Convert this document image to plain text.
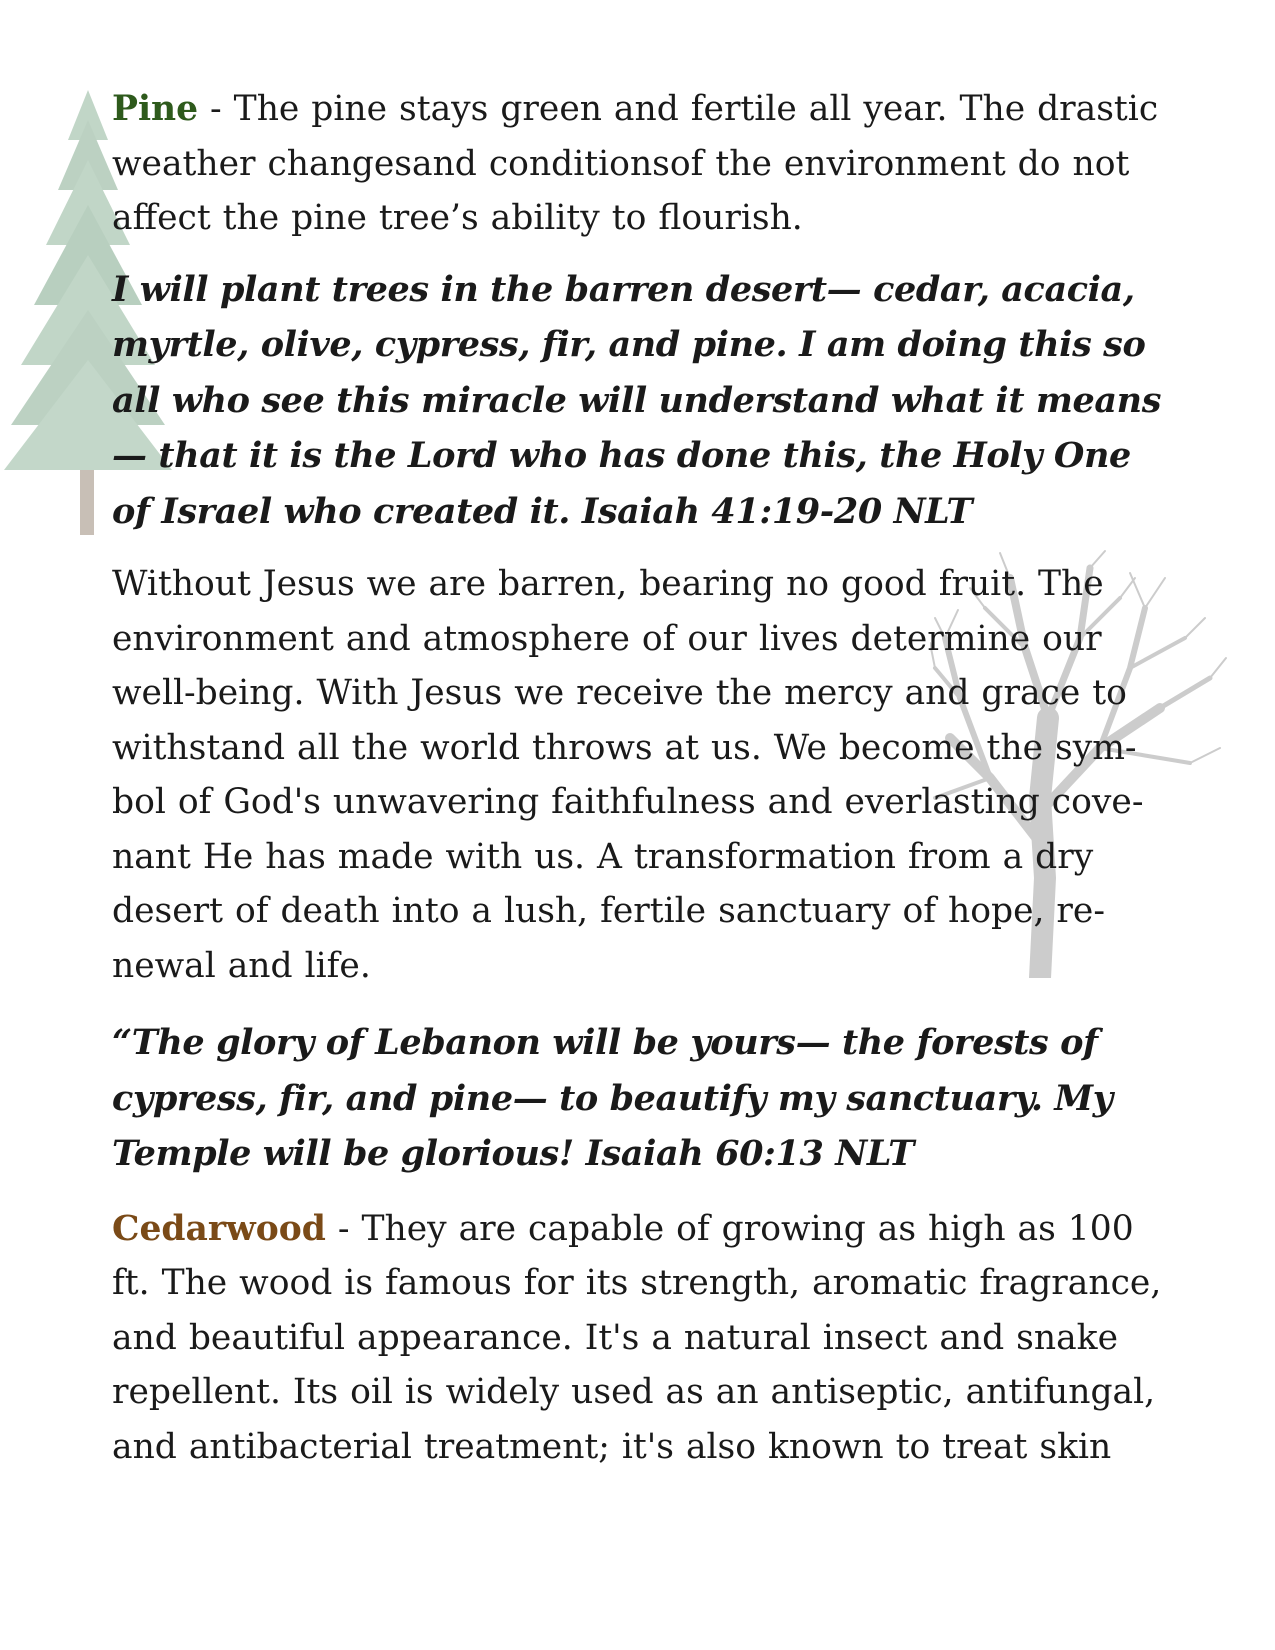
Pine - The pine stays green and fertile all year. The drastic weather changesand conditionsof the environment do not affect the pine tree’s ability to flourish.

I will plant trees in the barren desert— cedar, acacia, myrtle, olive, cypress, fir, and pine. I am doing this so all who see this miracle will understand what it means— that it is the Lord who has done this, the Holy One of Israel who created it. Isaiah 41:19-20 NLT

Without Jesus we are barren, bearing no good fruit. The environment and atmosphere of our lives determine our well-being. With Jesus we receive the mercy and grace to withstand all the world throws at us. We become the symbol of God's unwavering faithfulness and everlasting covenant He has made with us. A transformation from a dry desert of death into a lush, fertile sanctuary of hope, renewal and life.

“The glory of Lebanon will be yours— the forests of cypress, fir, and pine— to beautify my sanctuary. My Temple will be glorious! Isaiah 60:13 NLT

Cedarwood - They are capable of growing as high as 100 ft. The wood is famous for its strength, aromatic fragrance, and beautiful appearance. It's a natural insect and snake repellent. Its oil is widely used as an antiseptic, antifungal, and antibacterial treatment; it's also known to treat skin
